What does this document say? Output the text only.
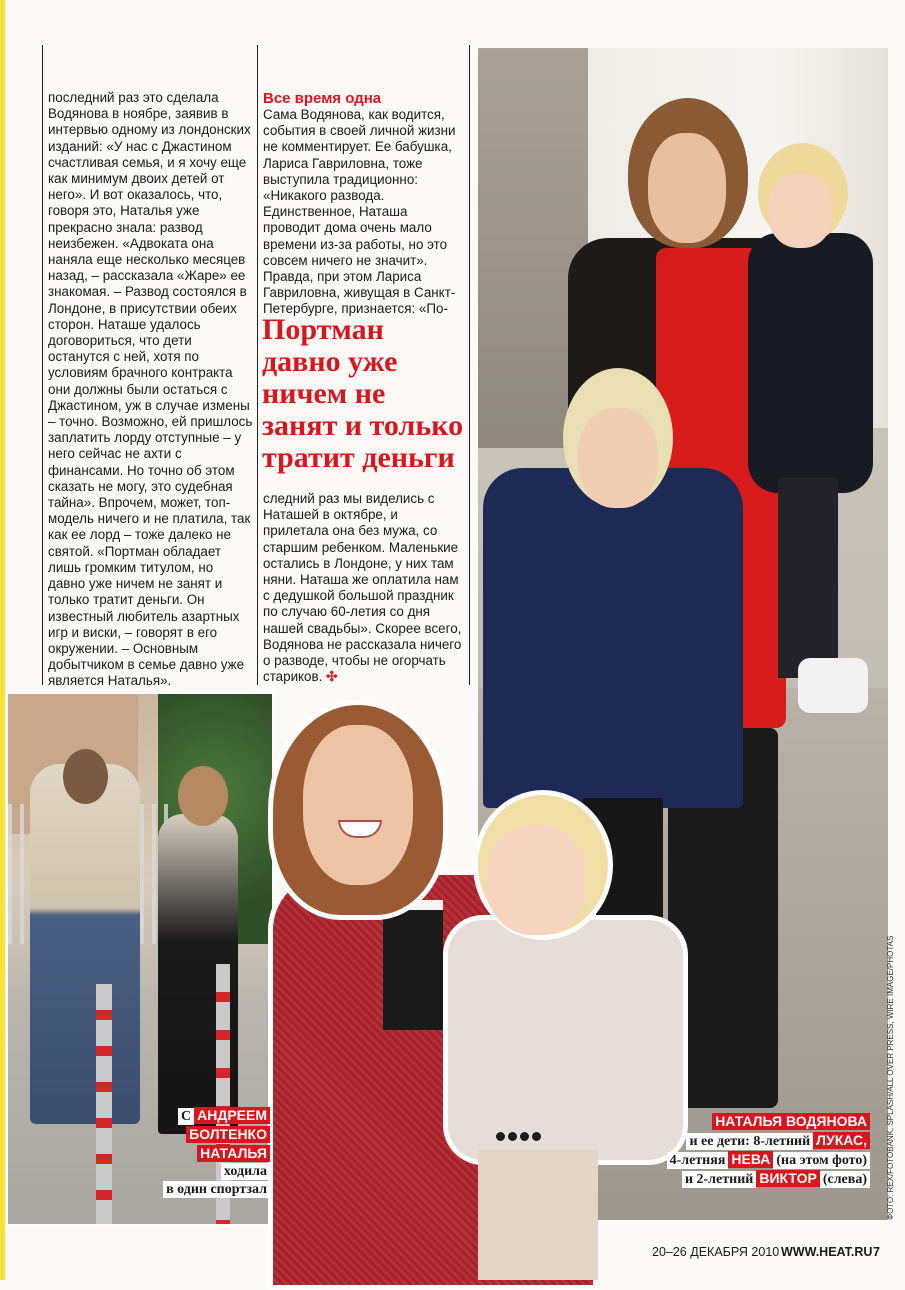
последний раз это сделала Водянова в ноябре, заявив в интервью одному из лондонских изданий: «У нас с Джастином счастливая семья, и я хочу еще как минимум двоих детей от него». И вот оказалось, что, говоря это, Наталья уже прекрасно знала: развод неизбежен. «Адвоката она наняла еще несколько месяцев назад, – рассказала «Жаре» ее знакомая. – Развод состоялся в Лондоне, в присутствии обеих сторон. Наташе удалось договориться, что дети останутся с ней, хотя по условиям брачного контракта они должны были остаться с Джастином, уж в случае измены – точно. Возможно, ей пришлось заплатить лорду отступные – у него сейчас не ахти с финансами. Но точно об этом сказать не могу, это судебная тайна». Впрочем, может, топ-модель ничего и не платила, так как ее лорд – тоже далеко не святой. «Портман обладает лишь громким титулом, но давно уже ничем не занят и только тратит деньги. Он известный любитель азартных игр и виски, – говорят в его окружении. – Основным добытчиком в семье давно уже является Наталья».

Все время одна

Сама Водянова, как водится, события в своей личной жизни не комментирует. Ее бабушка, Лариса Гавриловна, тоже выступила традиционно: «Никакого развода. Единственное, Наташа проводит дома очень мало времени из-за работы, но это совсем ничего не значит». Правда, при этом Лариса Гавриловна, живущая в Санкт-Петербурге, признается: «По-

Портман давно уже ничем не занят и только тратит деньги

следний раз мы виделись с Наташей в октябре, и прилетала она без мужа, со старшим ребенком. Маленькие остались в Лондоне, у них там няни. Наташа же оплатила нам с дедушкой большой праздник по случаю 60-летия со дня нашей свадьбы». Скорее всего, Водянова не рассказала ничего о разводе, чтобы не огорчать стариков. ✣

С АНДРЕЕМ
БОЛТЕНКО
НАТАЛЬЯходила
в один спортзал
НАТАЛЬЯ ВОДЯНОВА
и ее дети: 8-летний ЛУКАС,
4-летняя НЕВА (на этом фото)
и 2-летний ВИКТОР (слева)	ФОТО: REX/FOTOBANK, SPLASH/ALL OVER PRESS, WIRE IMAGE/PHOTAS
20–26 ДЕКАБРЯ 2010 WWW.HEAT.RU 7
